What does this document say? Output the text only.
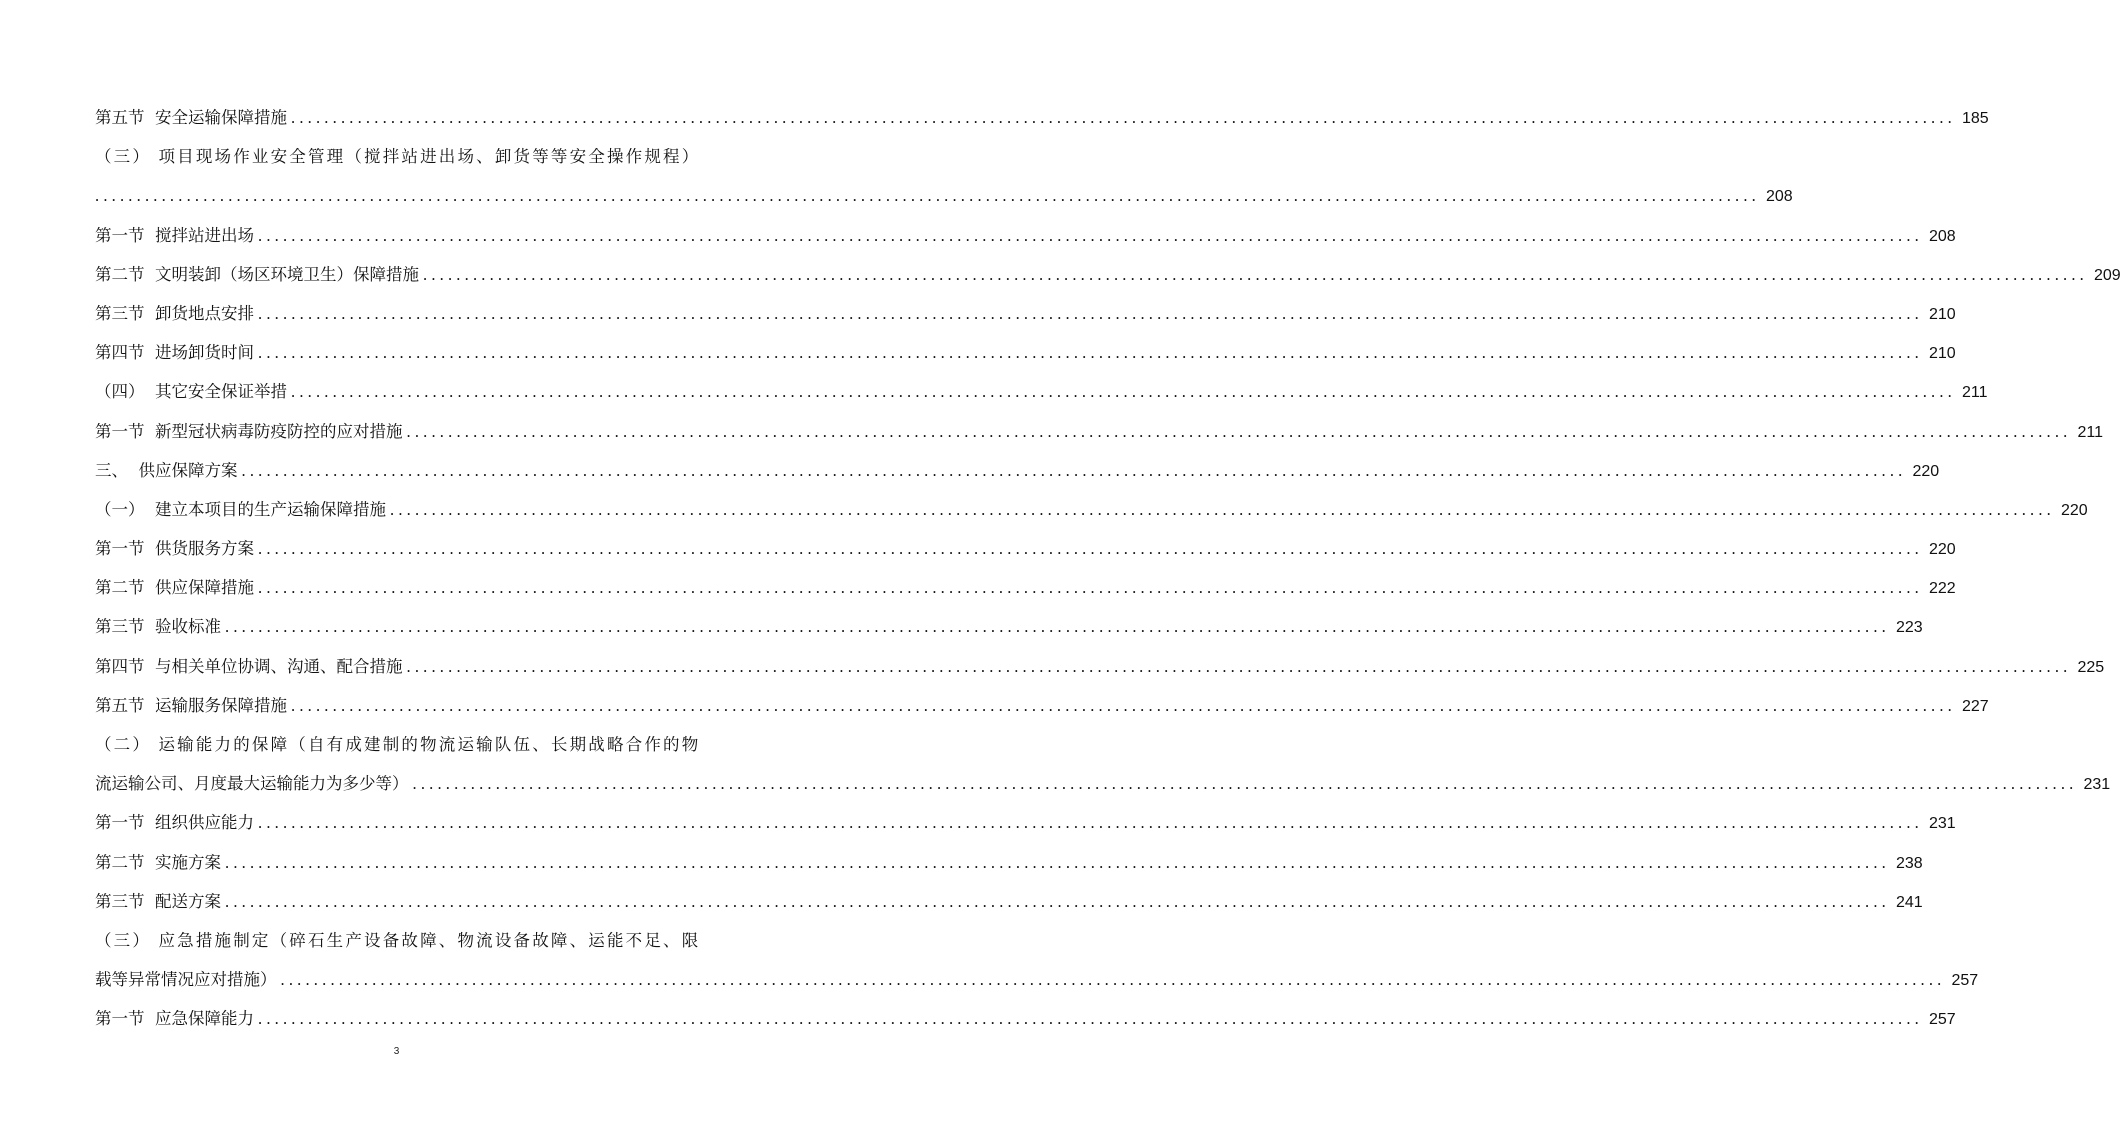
第五节  安全运输保障措施 ........................................................................................................................................................................................................ 185
（三） 项目现场作业安全管理（搅拌站进出场、卸货等等安全操作规程）
........................................................................................................................................................................................................ 208
第一节  搅拌站进出场 ........................................................................................................................................................................................................ 208
第二节  文明装卸（场区环境卫生）保障措施 ........................................................................................................................................................................................................ 209
第三节  卸货地点安排 ........................................................................................................................................................................................................ 210
第四节  进场卸货时间 ........................................................................................................................................................................................................ 210
（四）  其它安全保证举措 ........................................................................................................................................................................................................ 211
第一节  新型冠状病毒防疫防控的应对措施 ........................................................................................................................................................................................................ 211
三、  供应保障方案 ........................................................................................................................................................................................................ 220
（一）  建立本项目的生产运输保障措施 ........................................................................................................................................................................................................ 220
第一节  供货服务方案 ........................................................................................................................................................................................................ 220
第二节  供应保障措施 ........................................................................................................................................................................................................ 222
第三节  验收标准 ........................................................................................................................................................................................................ 223
第四节  与相关单位协调、沟通、配合措施 ........................................................................................................................................................................................................ 225
第五节  运输服务保障措施 ........................................................................................................................................................................................................ 227
（二） 运输能力的保障（自有成建制的物流运输队伍、长期战略合作的物
流运输公司、月度最大运输能力为多少等） ........................................................................................................................................................................................................ 231
第一节  组织供应能力 ........................................................................................................................................................................................................ 231
第二节  实施方案 ........................................................................................................................................................................................................ 238
第三节  配送方案 ........................................................................................................................................................................................................ 241
（三） 应急措施制定（碎石生产设备故障、物流设备故障、运能不足、限
载等异常情况应对措施） ........................................................................................................................................................................................................ 257
第一节  应急保障能力 ........................................................................................................................................................................................................ 257
3
